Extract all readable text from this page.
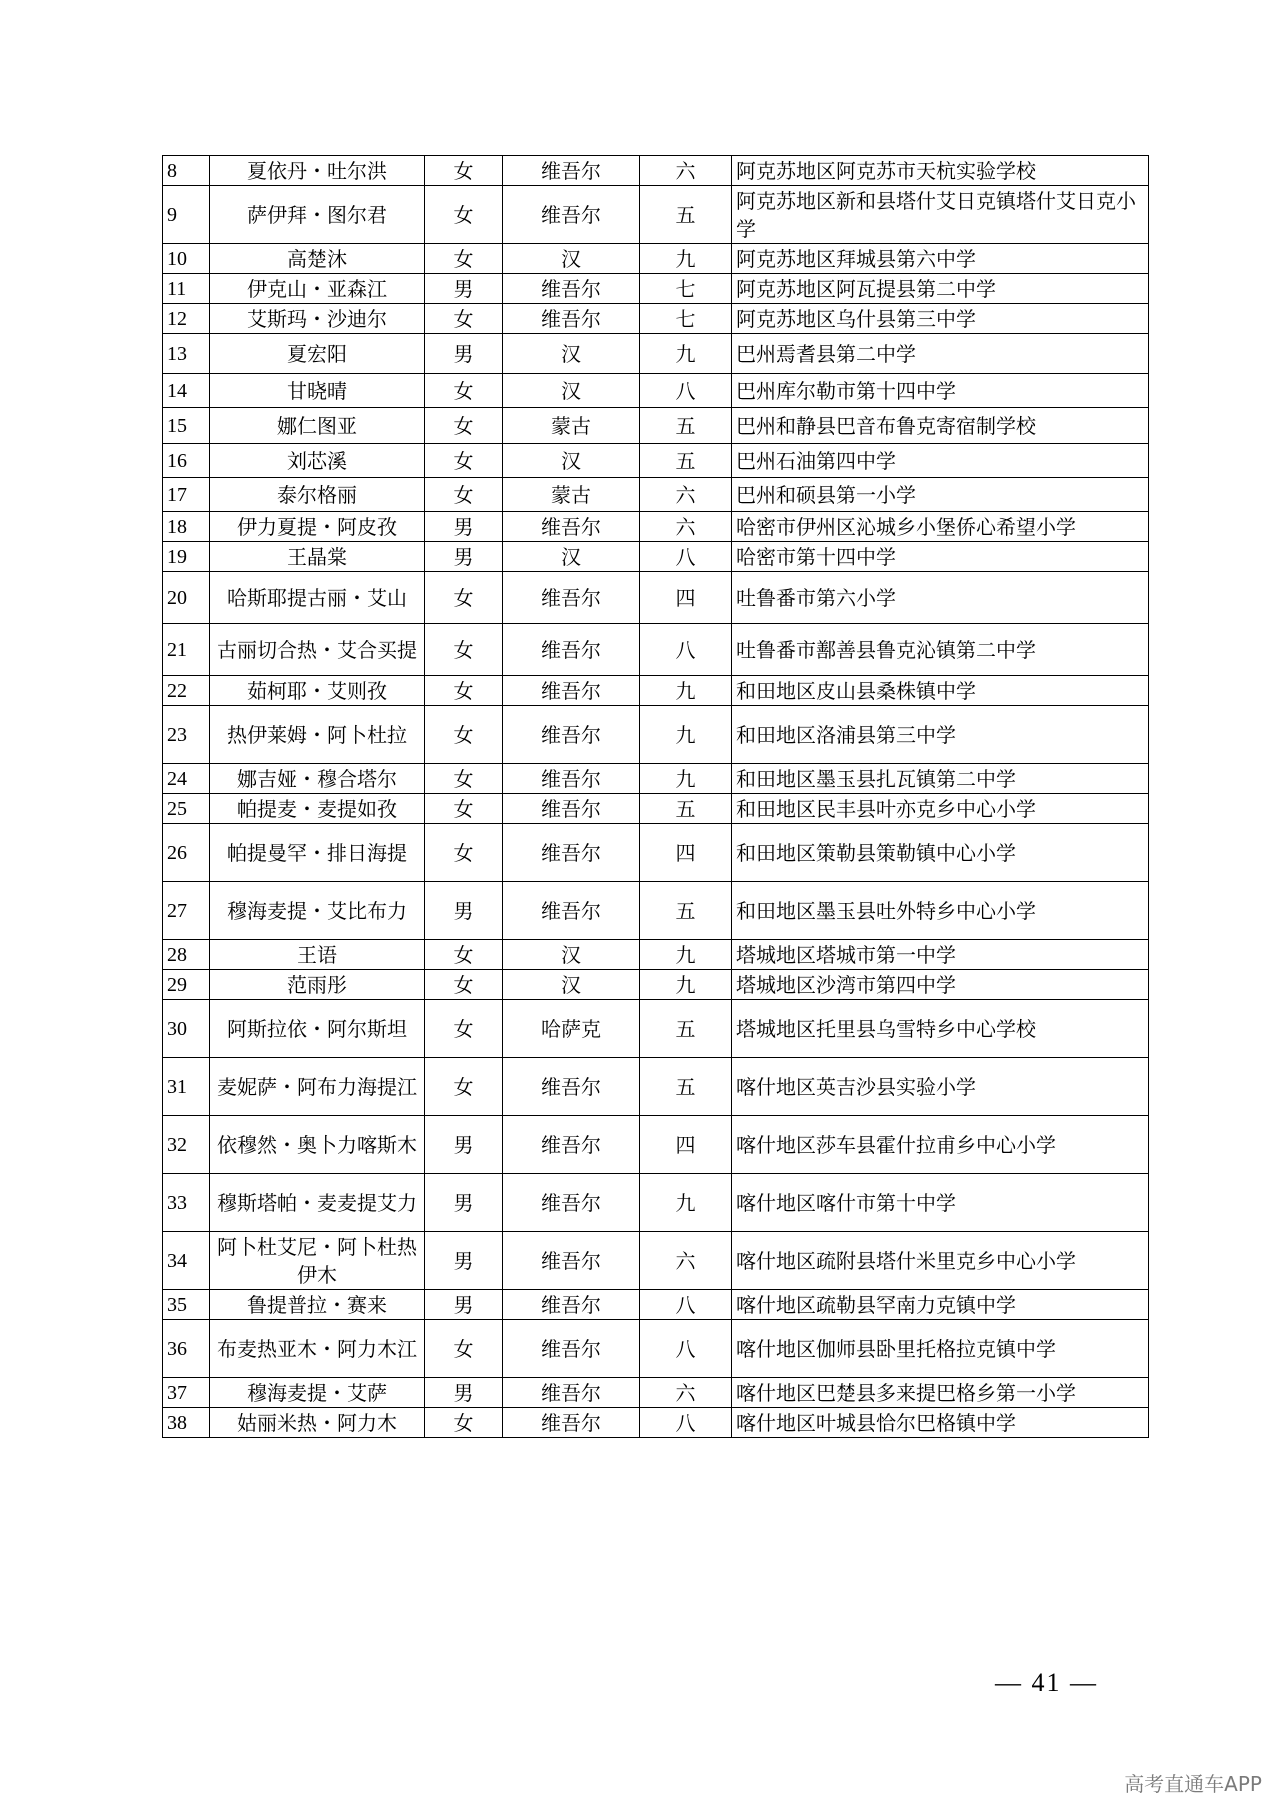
8	夏依丹・吐尔洪	女	维吾尔	六	阿克苏地区阿克苏市天杭实验学校
9	萨伊拜・图尔君	女	维吾尔	五	阿克苏地区新和县塔什艾日克镇塔什艾日克小学
10	高楚沐	女	汉	九	阿克苏地区拜城县第六中学
11	伊克山・亚森江	男	维吾尔	七	阿克苏地区阿瓦提县第二中学
12	艾斯玛・沙迪尔	女	维吾尔	七	阿克苏地区乌什县第三中学
13	夏宏阳	男	汉	九	巴州焉耆县第二中学
14	甘晓晴	女	汉	八	巴州库尔勒市第十四中学
15	娜仁图亚	女	蒙古	五	巴州和静县巴音布鲁克寄宿制学校
16	刘芯溪	女	汉	五	巴州石油第四中学
17	泰尔格丽	女	蒙古	六	巴州和硕县第一小学
18	伊力夏提・阿皮孜	男	维吾尔	六	哈密市伊州区沁城乡小堡侨心希望小学
19	王晶棠	男	汉	八	哈密市第十四中学
20	哈斯耶提古丽・艾山	女	维吾尔	四	吐鲁番市第六小学
21	古丽切合热・艾合买提	女	维吾尔	八	吐鲁番市鄯善县鲁克沁镇第二中学
22	茹柯耶・艾则孜	女	维吾尔	九	和田地区皮山县桑株镇中学
23	热伊莱姆・阿卜杜拉	女	维吾尔	九	和田地区洛浦县第三中学
24	娜吉娅・穆合塔尔	女	维吾尔	九	和田地区墨玉县扎瓦镇第二中学
25	帕提麦・麦提如孜	女	维吾尔	五	和田地区民丰县叶亦克乡中心小学
26	帕提曼罕・排日海提	女	维吾尔	四	和田地区策勒县策勒镇中心小学
27	穆海麦提・艾比布力	男	维吾尔	五	和田地区墨玉县吐外特乡中心小学
28	王语	女	汉	九	塔城地区塔城市第一中学
29	范雨彤	女	汉	九	塔城地区沙湾市第四中学
30	阿斯拉依・阿尔斯坦	女	哈萨克	五	塔城地区托里县乌雪特乡中心学校
31	麦妮萨・阿布力海提江	女	维吾尔	五	喀什地区英吉沙县实验小学
32	依穆然・奥卜力喀斯木	男	维吾尔	四	喀什地区莎车县霍什拉甫乡中心小学
33	穆斯塔帕・麦麦提艾力	男	维吾尔	九	喀什地区喀什市第十中学
34	阿卜杜艾尼・阿卜杜热伊木	男	维吾尔	六	喀什地区疏附县塔什米里克乡中心小学
35	鲁提普拉・赛来	男	维吾尔	八	喀什地区疏勒县罕南力克镇中学
36	布麦热亚木・阿力木江	女	维吾尔	八	喀什地区伽师县卧里托格拉克镇中学
37	穆海麦提・艾萨	男	维吾尔	六	喀什地区巴楚县多来提巴格乡第一小学
38	姑丽米热・阿力木	女	维吾尔	八	喀什地区叶城县恰尔巴格镇中学
— 41 —
高考直通车APP
